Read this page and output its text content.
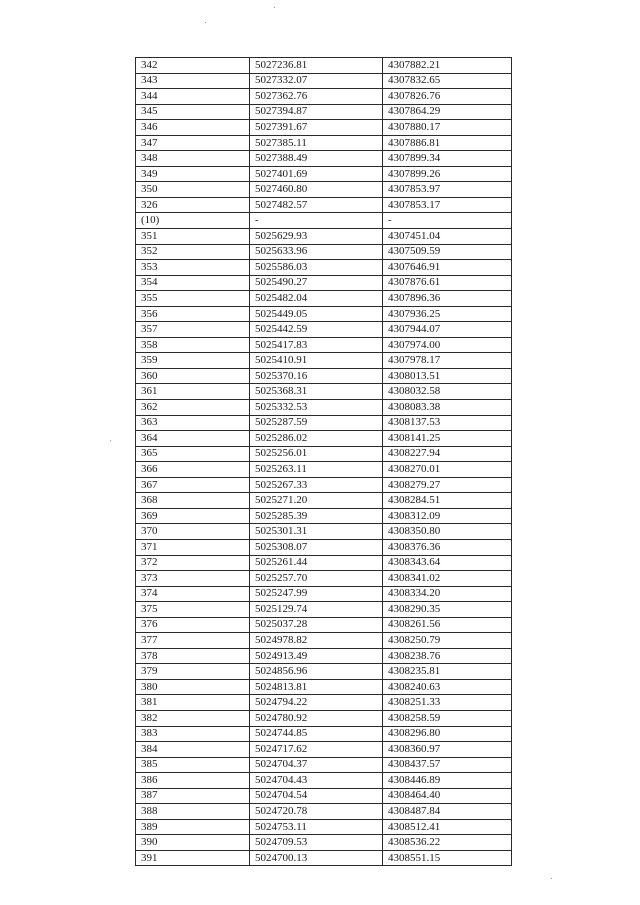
342	5027236.81	4307882.21
343	5027332.07	4307832.65
344	5027362.76	4307826.76
345	5027394.87	4307864.29
346	5027391.67	4307880.17
347	5027385.11	4307886.81
348	5027388.49	4307899.34
349	5027401.69	4307899.26
350	5027460.80	4307853.97
326	5027482.57	4307853.17
(10)	-	-
351	5025629.93	4307451.04
352	5025633.96	4307509.59
353	5025586.03	4307646.91
354	5025490.27	4307876.61
355	5025482.04	4307896.36
356	5025449.05	4307936.25
357	5025442.59	4307944.07
358	5025417.83	4307974.00
359	5025410.91	4307978.17
360	5025370.16	4308013.51
361	5025368.31	4308032.58
362	5025332.53	4308083.38
363	5025287.59	4308137.53
364	5025286.02	4308141.25
365	5025256.01	4308227.94
366	5025263.11	4308270.01
367	5025267.33	4308279.27
368	5025271.20	4308284.51
369	5025285.39	4308312.09
370	5025301.31	4308350.80
371	5025308.07	4308376.36
372	5025261.44	4308343.64
373	5025257.70	4308341.02
374	5025247.99	4308334.20
375	5025129.74	4308290.35
376	5025037.28	4308261.56
377	5024978.82	4308250.79
378	5024913.49	4308238.76
379	5024856.96	4308235.81
380	5024813.81	4308240.63
381	5024794.22	4308251.33
382	5024780.92	4308258.59
383	5024744.85	4308296.80
384	5024717.62	4308360.97
385	5024704.37	4308437.57
386	5024704.43	4308446.89
387	5024704.54	4308464.40
388	5024720.78	4308487.84
389	5024753.11	4308512.41
390	5024709.53	4308536.22
391	5024700.13	4308551.15
